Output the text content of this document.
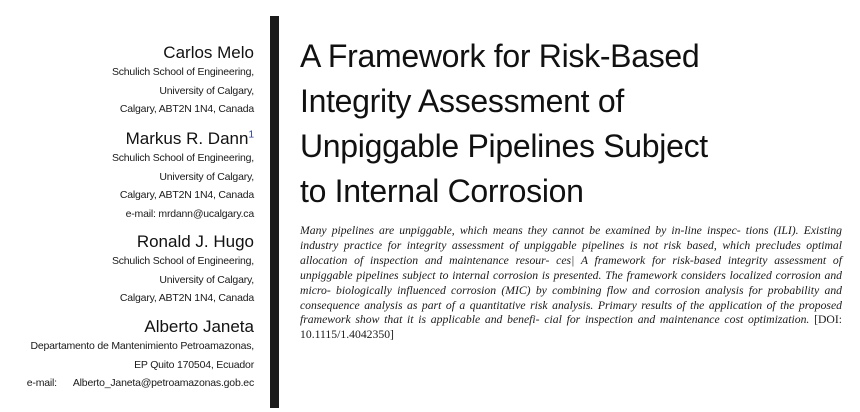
Carlos Melo
Schulich School of Engineering,
University of Calgary,
Calgary, ABT2N 1N4, Canada
Markus R. Dann$^1$
Schulich School of Engineering,
University of Calgary,
Calgary, ABT2N 1N4, Canada
e-mail: mrdann@ucalgary.ca
Ronald J. Hugo
Schulich School of Engineering,
University of Calgary,
Calgary, ABT2N 1N4, Canada
Alberto Janeta
Departamento de Mantenimiento Petroamazonas,
EP Quito 170504, Ecuador
e-mail: Alberto_Janeta@petroamazonas.gob.ec
A Framework for Risk-Based
Integrity Assessment of
Unpiggable Pipelines Subject
to Internal Corrosion

Many pipelines are unpiggable, which means they cannot be examined by in-line inspec- tions (ILI). Existing industry practice for integrity assessment of unpiggable pipelines is not risk based, which precludes optimal allocation of inspection and maintenance resour- ces| A framework for risk-based integrity assessment of unpiggable pipelines subject to internal corrosion is presented. The framework considers localized corrosion and micro- biologically influenced corrosion (MIC) by combining flow and corrosion analysis for probability and consequence analysis as part of a quantitative risk analysis. Primary results of the application of the proposed framework show that it is applicable and benefi- cial for inspection and maintenance cost optimization. [DOI: 10.1115/1.4042350]
